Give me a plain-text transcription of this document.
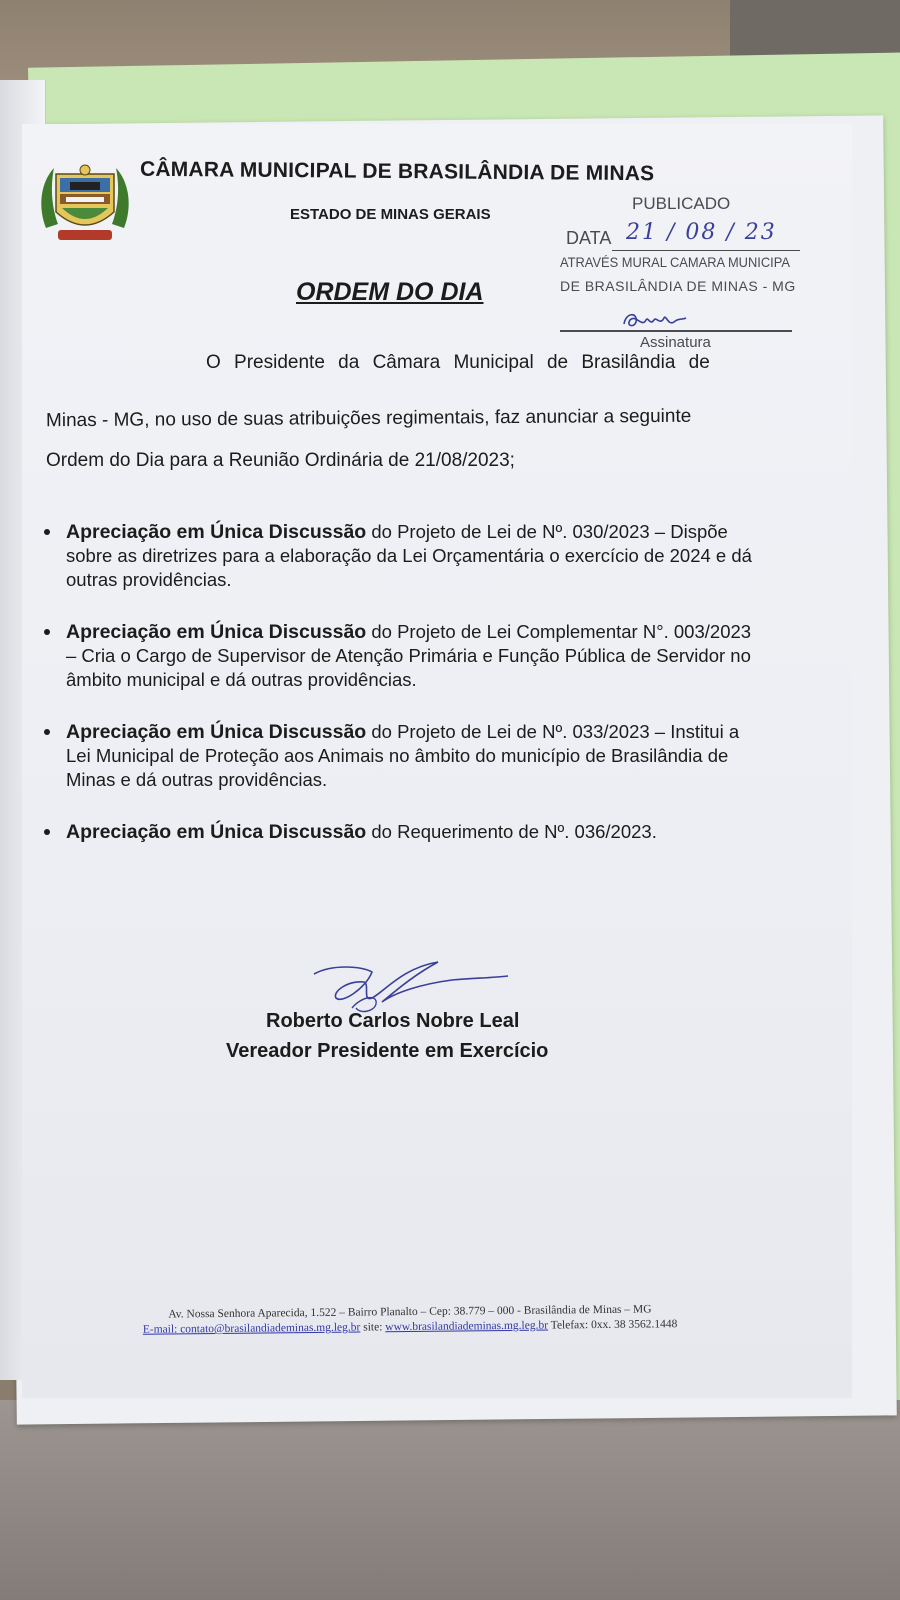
CÂMARA MUNICIPAL DE BRASILÂNDIA DE MINAS
ESTADO DE MINAS GERAIS
PUBLICADO
DATA 21 / 08 / 23
ATRAVÉS MURAL CAMARA MUNICIPA
DE BRASILÂNDIA DE MINAS - MG
Assinatura
ORDEM DO DIA
O Presidente da Câmara Municipal de Brasilândia de
Minas - MG, no uso de suas atribuições regimentais, faz anunciar a seguinte
Ordem do Dia para a Reunião Ordinária de 21/08/2023;
Apreciação em Única Discussão do Projeto de Lei de Nº. 030/2023 – Dispõe sobre as diretrizes para a elaboração da Lei Orçamentária o exercício de 2024 e dá outras providências.
Apreciação em Única Discussão do Projeto de Lei Complementar N°. 003/2023 – Cria o Cargo de Supervisor de Atenção Primária e Função Pública de Servidor no âmbito municipal e dá outras providências.
Apreciação em Única Discussão do Projeto de Lei de Nº. 033/2023 – Institui a Lei Municipal de Proteção aos Animais no âmbito do município de Brasilândia de Minas e dá outras providências.
Apreciação em Única Discussão do Requerimento de Nº. 036/2023.
Roberto Carlos Nobre Leal
Vereador Presidente em Exercício
Av. Nossa Senhora Aparecida, 1.522 – Bairro Planalto – Cep: 38.779 – 000 - Brasilândia de Minas – MG
E-mail: contato@brasilandiademinas.mg.leg.br site: www.brasilandiademinas.mg.leg.br Telefax: 0xx. 38 3562.1448
